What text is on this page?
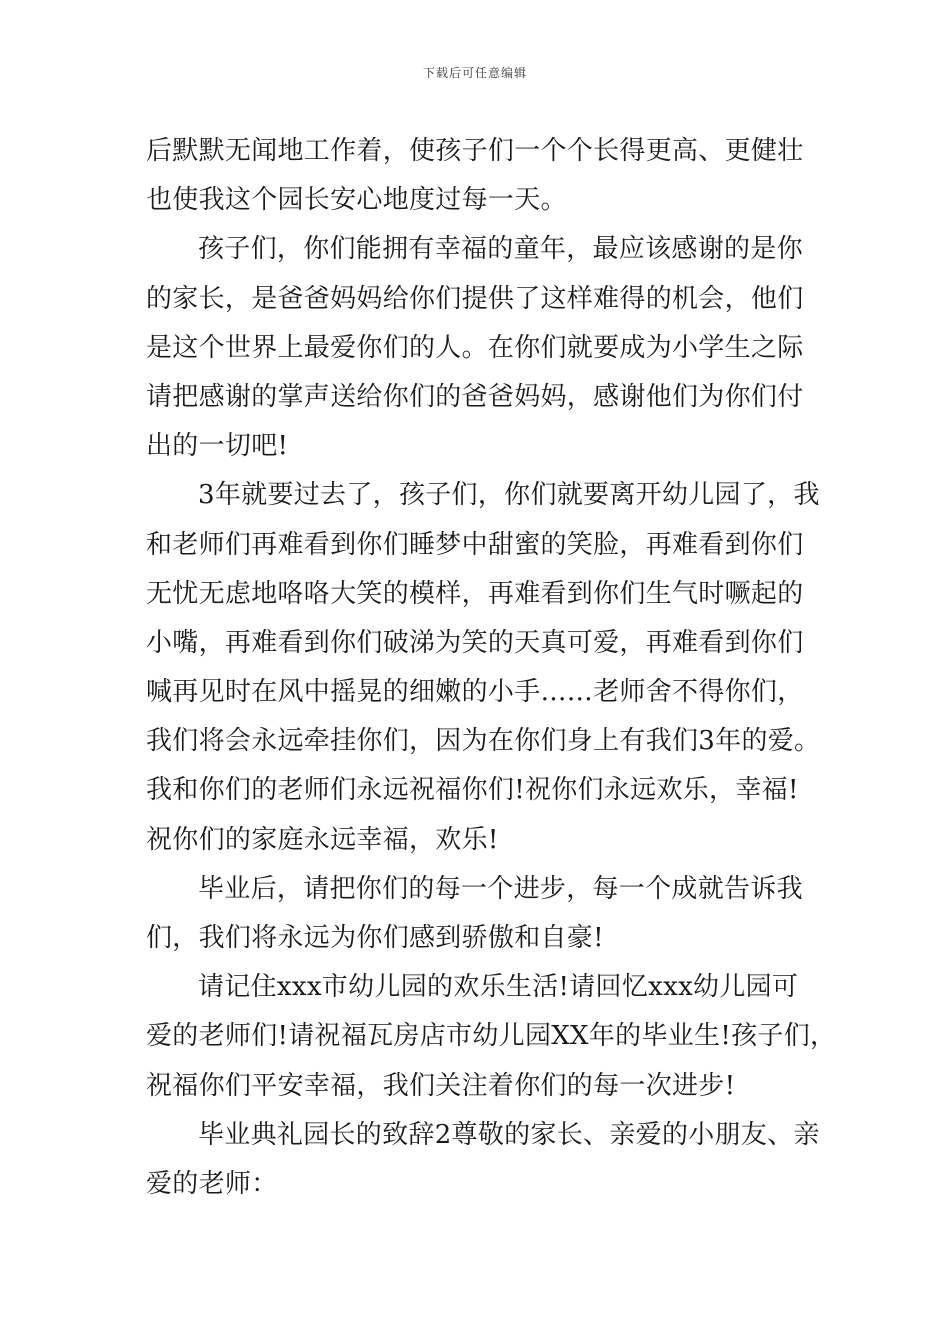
下载后可任意编辑
后默默无闻地工作着，使孩子们一个个长得更高、更健壮
也使我这个园长安心地度过每一天。
孩子们，你们能拥有幸福的童年，最应该感谢的是你
的家长，是爸爸妈妈给你们提供了这样难得的机会，他们
是这个世界上最爱你们的人。在你们就要成为小学生之际
请把感谢的掌声送给你们的爸爸妈妈，感谢他们为你们付
出的一切吧!
3年就要过去了，孩子们，你们就要离开幼儿园了，我
和老师们再难看到你们睡梦中甜蜜的笑脸，再难看到你们
无忧无虑地咯咯大笑的模样，再难看到你们生气时噘起的
小嘴，再难看到你们破涕为笑的天真可爱，再难看到你们
喊再见时在风中摇晃的细嫩的小手……老师舍不得你们，
我们将会永远牵挂你们，因为在你们身上有我们3年的爱。
我和你们的老师们永远祝福你们!祝你们永远欢乐，幸福!
祝你们的家庭永远幸福，欢乐!
毕业后，请把你们的每一个进步，每一个成就告诉我
们，我们将永远为你们感到骄傲和自豪!
请记住xxx市幼儿园的欢乐生活!请回忆xxx幼儿园可
爱的老师们!请祝福瓦房店市幼儿园XX年的毕业生!孩子们，
祝福你们平安幸福，我们关注着你们的每一次进步!
毕业典礼园长的致辞2尊敬的家长、亲爱的小朋友、亲
爱的老师：
